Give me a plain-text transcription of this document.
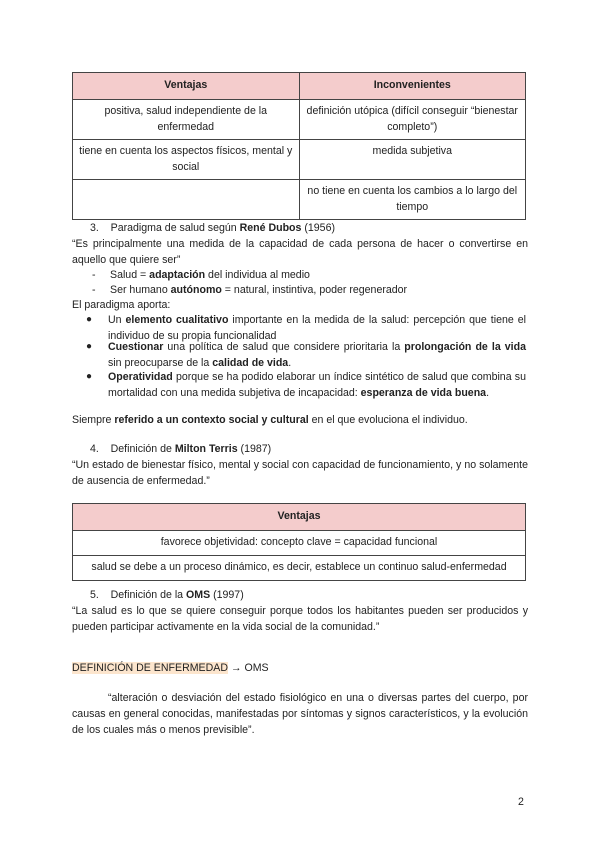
Ventajas	Inconvenientes
positiva, salud independiente de la enfermedad	definición utópica (difícil conseguir “bienestar completo”)
tiene en cuenta los aspectos físicos, mental y social	medida subjetiva
	no tiene en cuenta los cambios a lo largo del tiempo

3. Paradigma de salud según René Dubos (1956)

“Es principalmente una medida de la capacidad de cada persona de hacer o convertirse en aquello que quiere ser”

- Salud = adaptación del individua al medio

- Ser humano autónomo = natural, instintiva, poder regenerador

El paradigma aporta:

● Un elemento cualitativo importante en la medida de la salud: percepción que tiene el individuo de su propia funcionalidad

● Cuestionar una política de salud que considere prioritaria la prolongación de la vida sin preocuparse de la calidad de vida.

● Operatividad porque se ha podido elaborar un índice sintético de salud que combina su mortalidad con una medida subjetiva de incapacidad: esperanza de vida buena.

Siempre referido a un contexto social y cultural en el que evoluciona el individuo.

4. Definición de Milton Terris (1987)

“Un estado de bienestar físico, mental y social con capacidad de funcionamiento, y no solamente de ausencia de enfermedad.”

Ventajas
favorece objetividad: concepto clave = capacidad funcional
salud se debe a un proceso dinámico, es decir, establece un continuo salud-enfermedad

5. Definición de la OMS (1997)

“La salud es lo que se quiere conseguir porque todos los habitantes pueden ser producidos y pueden participar activamente en la vida social de la comunidad.”

DEFINICIÓN DE ENFERMEDAD → OMS

“alteración o desviación del estado fisiológico en una o diversas partes del cuerpo, por causas en general conocidas, manifestadas por síntomas y signos característicos, y la evolución de los cuales más o menos previsible”.

2
